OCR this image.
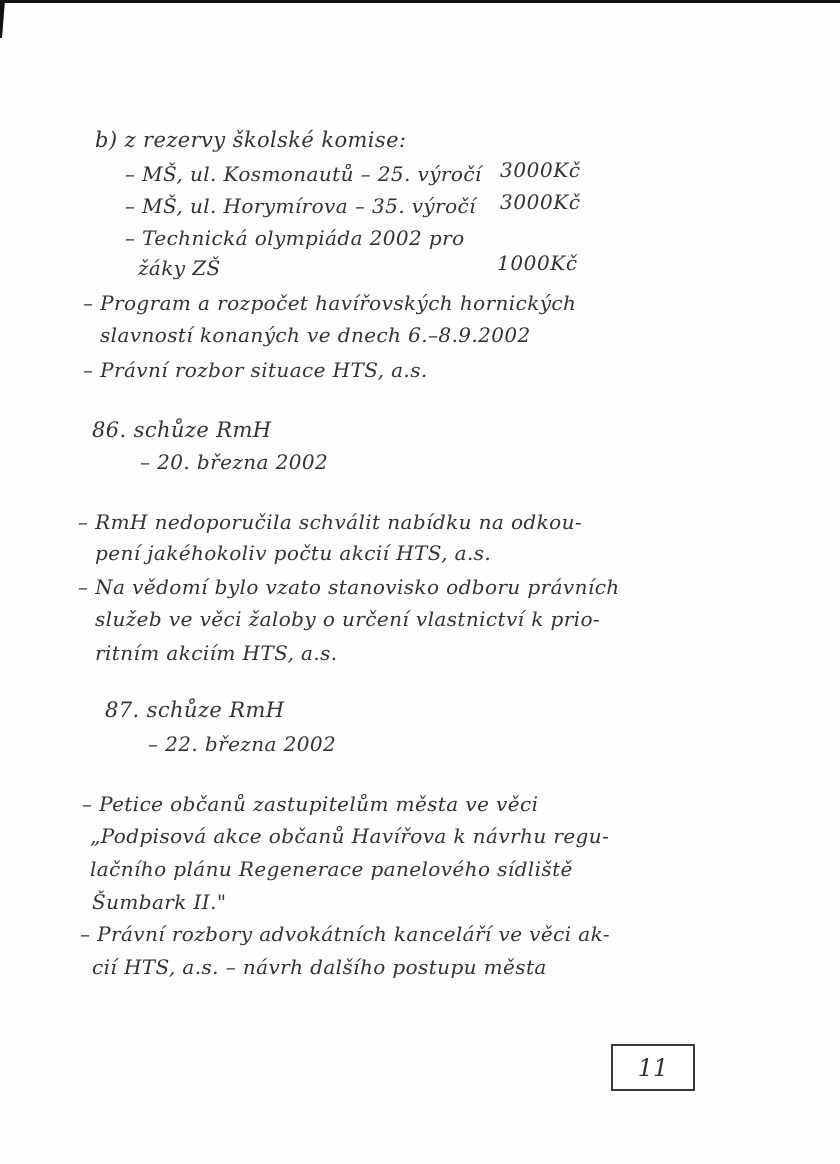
b) z rezervy školské komise:
– MŠ, ul. Kosmonautů – 25. výročí 3000Kč
– MŠ, ul. Horymírova – 35. výročí 3000Kč
– Technická olympiáda 2002 pro
žáky ZŠ	1000Kč
– Program a rozpočet havířovských hornických
slavností konaných ve dnech 6.–8.9.2002
– Právní rozbor situace HTS, a.s.
86. schůze RmH
– 20. března 2002
– RmH nedoporučila schválit nabídku na odkou-
pení jakéhokoliv počtu akcií HTS, a.s.
– Na vědomí bylo vzato stanovisko odboru právních
služeb ve věci žaloby o určení vlastnictví k prio-
ritním akciím HTS, a.s.
87. schůze RmH
– 22. března 2002
– Petice občanů zastupitelům města ve věci
„Podpisová akce občanů Havířova k návrhu regu-
lačního plánu Regenerace panelového sídliště
Šumbark II."
– Právní rozbory advokátních kanceláří ve věci ak-
cií HTS, a.s. – návrh dalšího postupu města
11
